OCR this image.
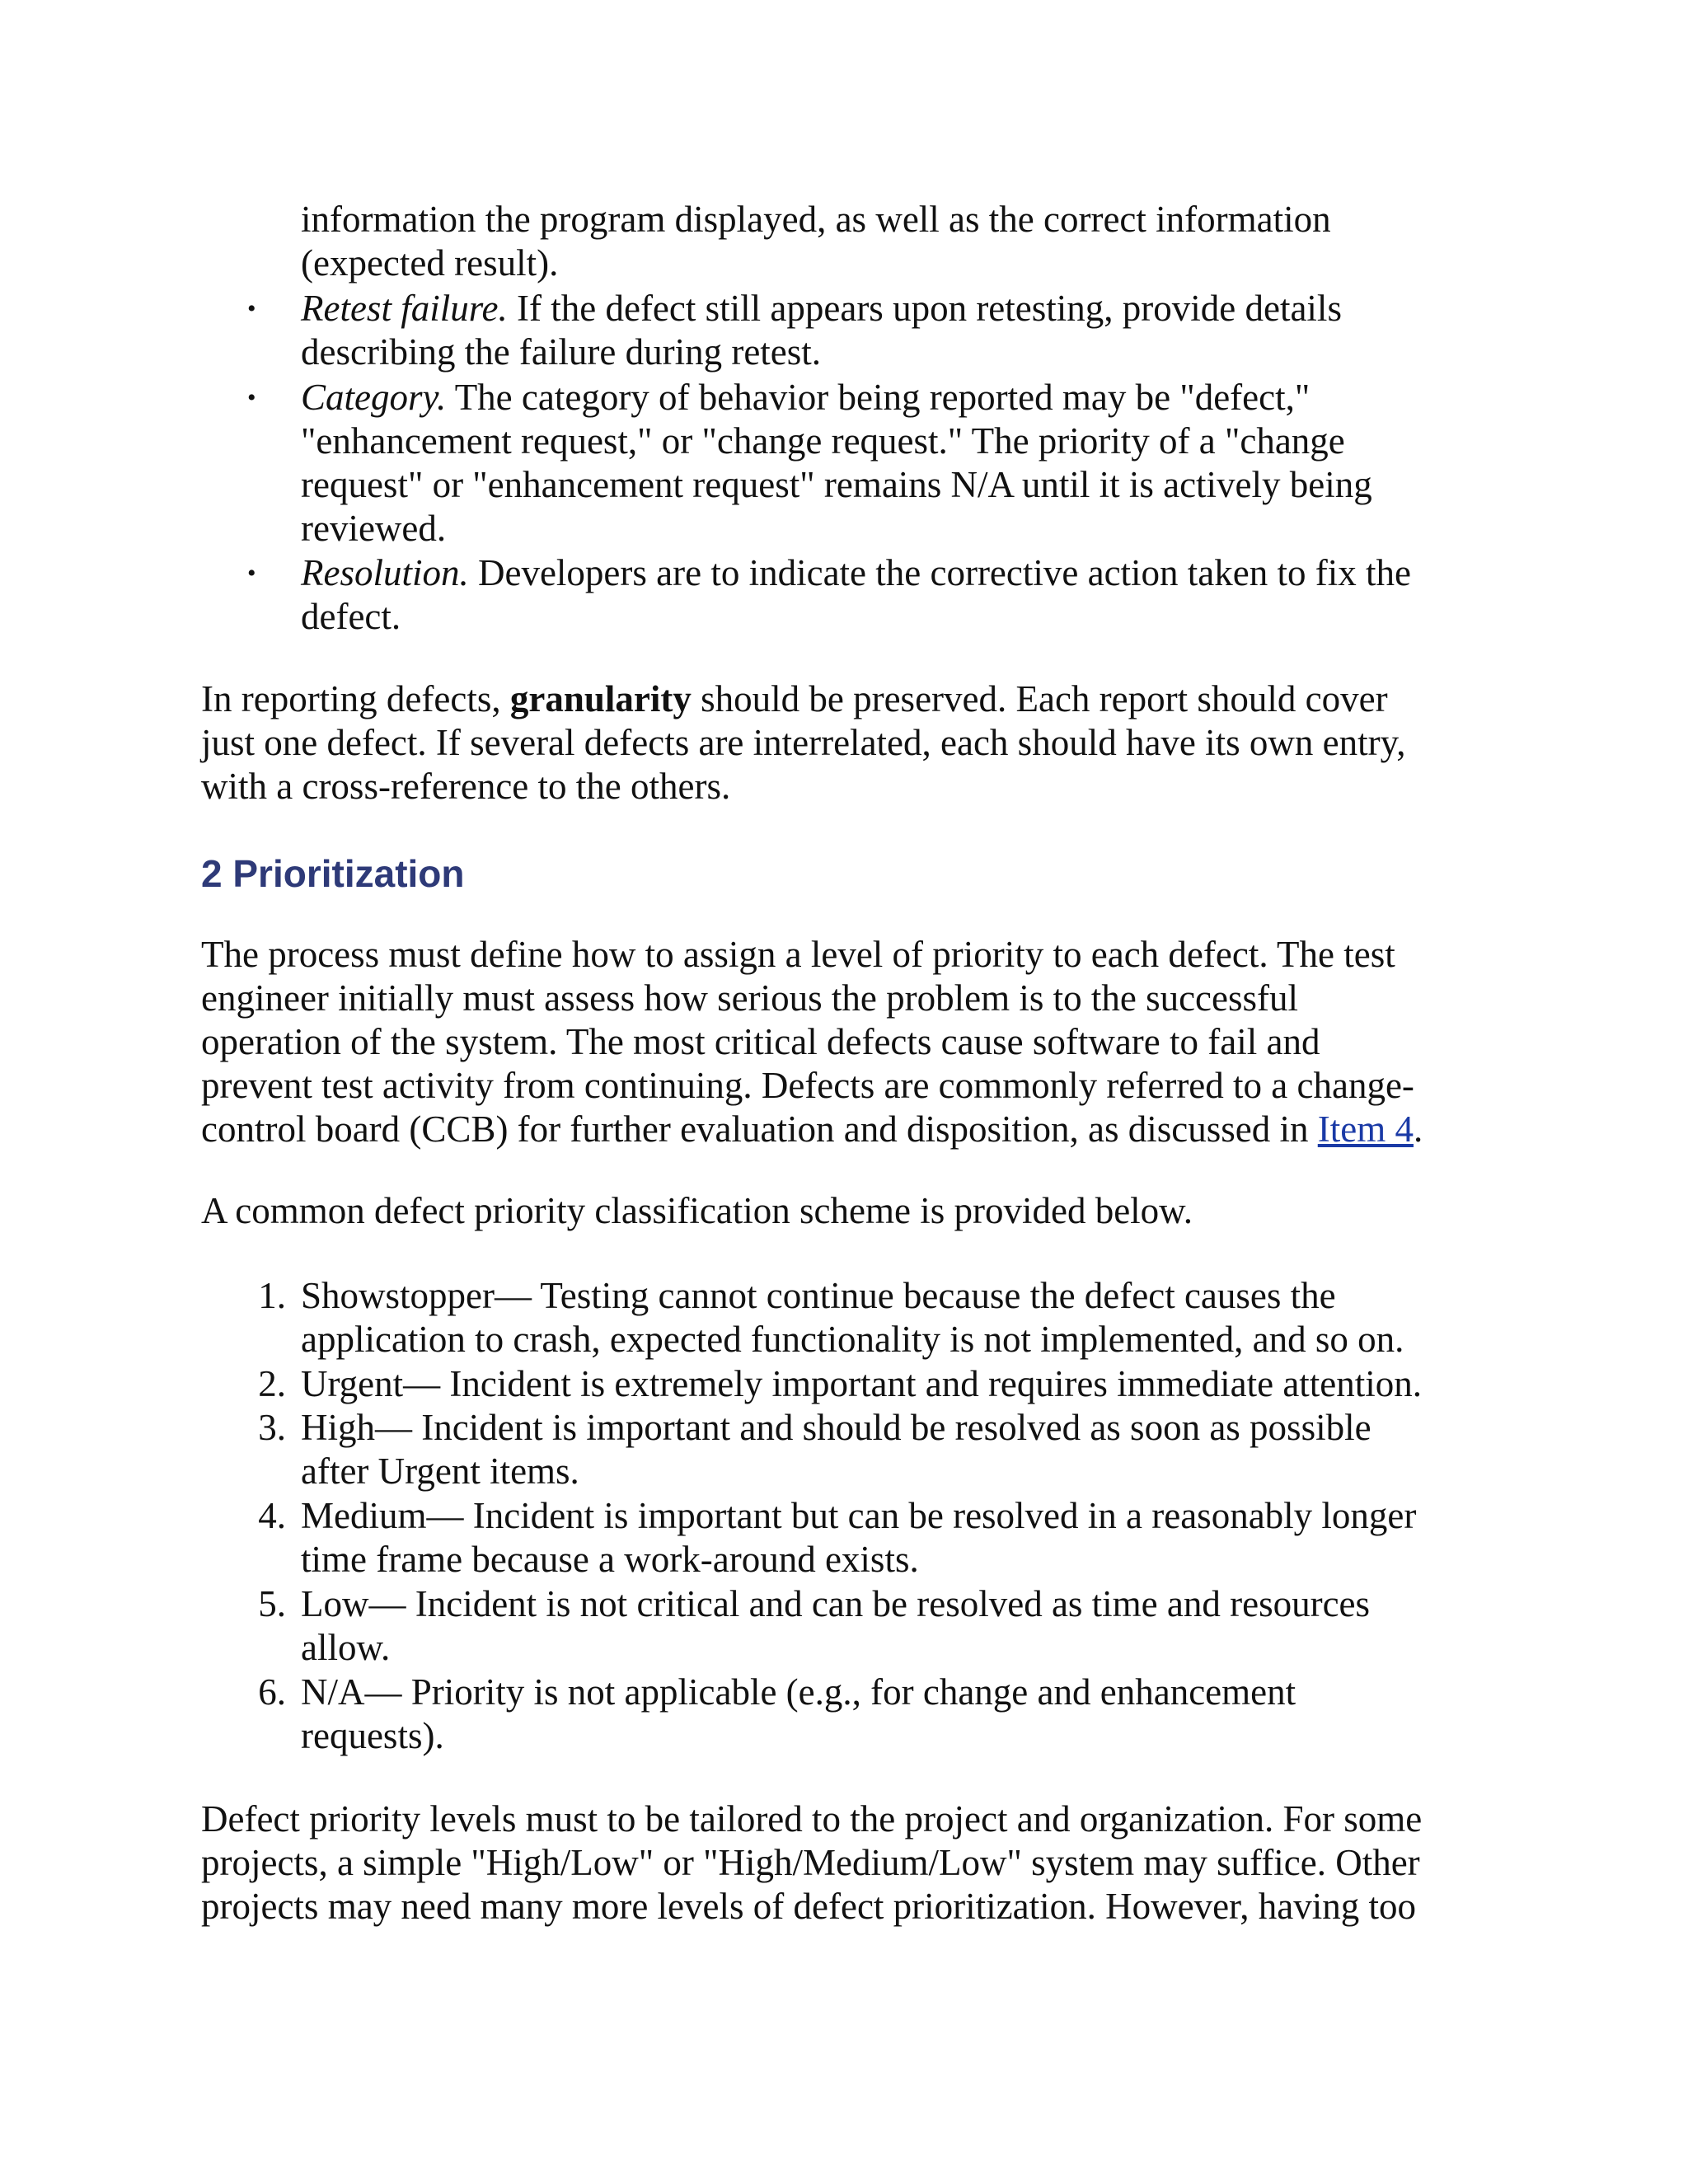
information the program displayed, as well as the correct information
(expected result).
• Retest failure. If the defect still appears upon retesting, provide details
describing the failure during retest.
• Category. The category of behavior being reported may be "defect,"
"enhancement request," or "change request." The priority of a "change
request" or "enhancement request" remains N/A until it is actively being
reviewed.
• Resolution. Developers are to indicate the corrective action taken to fix the
defect.
In reporting defects, granularity should be preserved. Each report should cover
just one defect. If several defects are interrelated, each should have its own entry,
with a cross-reference to the others.
2 Prioritization
The process must define how to assign a level of priority to each defect. The test
engineer initially must assess how serious the problem is to the successful
operation of the system. The most critical defects cause software to fail and
prevent test activity from continuing. Defects are commonly referred to a change-
control board (CCB) for further evaluation and disposition, as discussed in Item 4.
A common defect priority classification scheme is provided below.
1. Showstopper— Testing cannot continue because the defect causes the
application to crash, expected functionality is not implemented, and so on.
2. Urgent— Incident is extremely important and requires immediate attention.
3. High— Incident is important and should be resolved as soon as possible
after Urgent items.
4. Medium— Incident is important but can be resolved in a reasonably longer
time frame because a work-around exists.
5. Low— Incident is not critical and can be resolved as time and resources
allow.
6. N/A— Priority is not applicable (e.g., for change and enhancement
requests).
Defect priority levels must to be tailored to the project and organization. For some
projects, a simple "High/Low" or "High/Medium/Low" system may suffice. Other
projects may need many more levels of defect prioritization. However, having too
